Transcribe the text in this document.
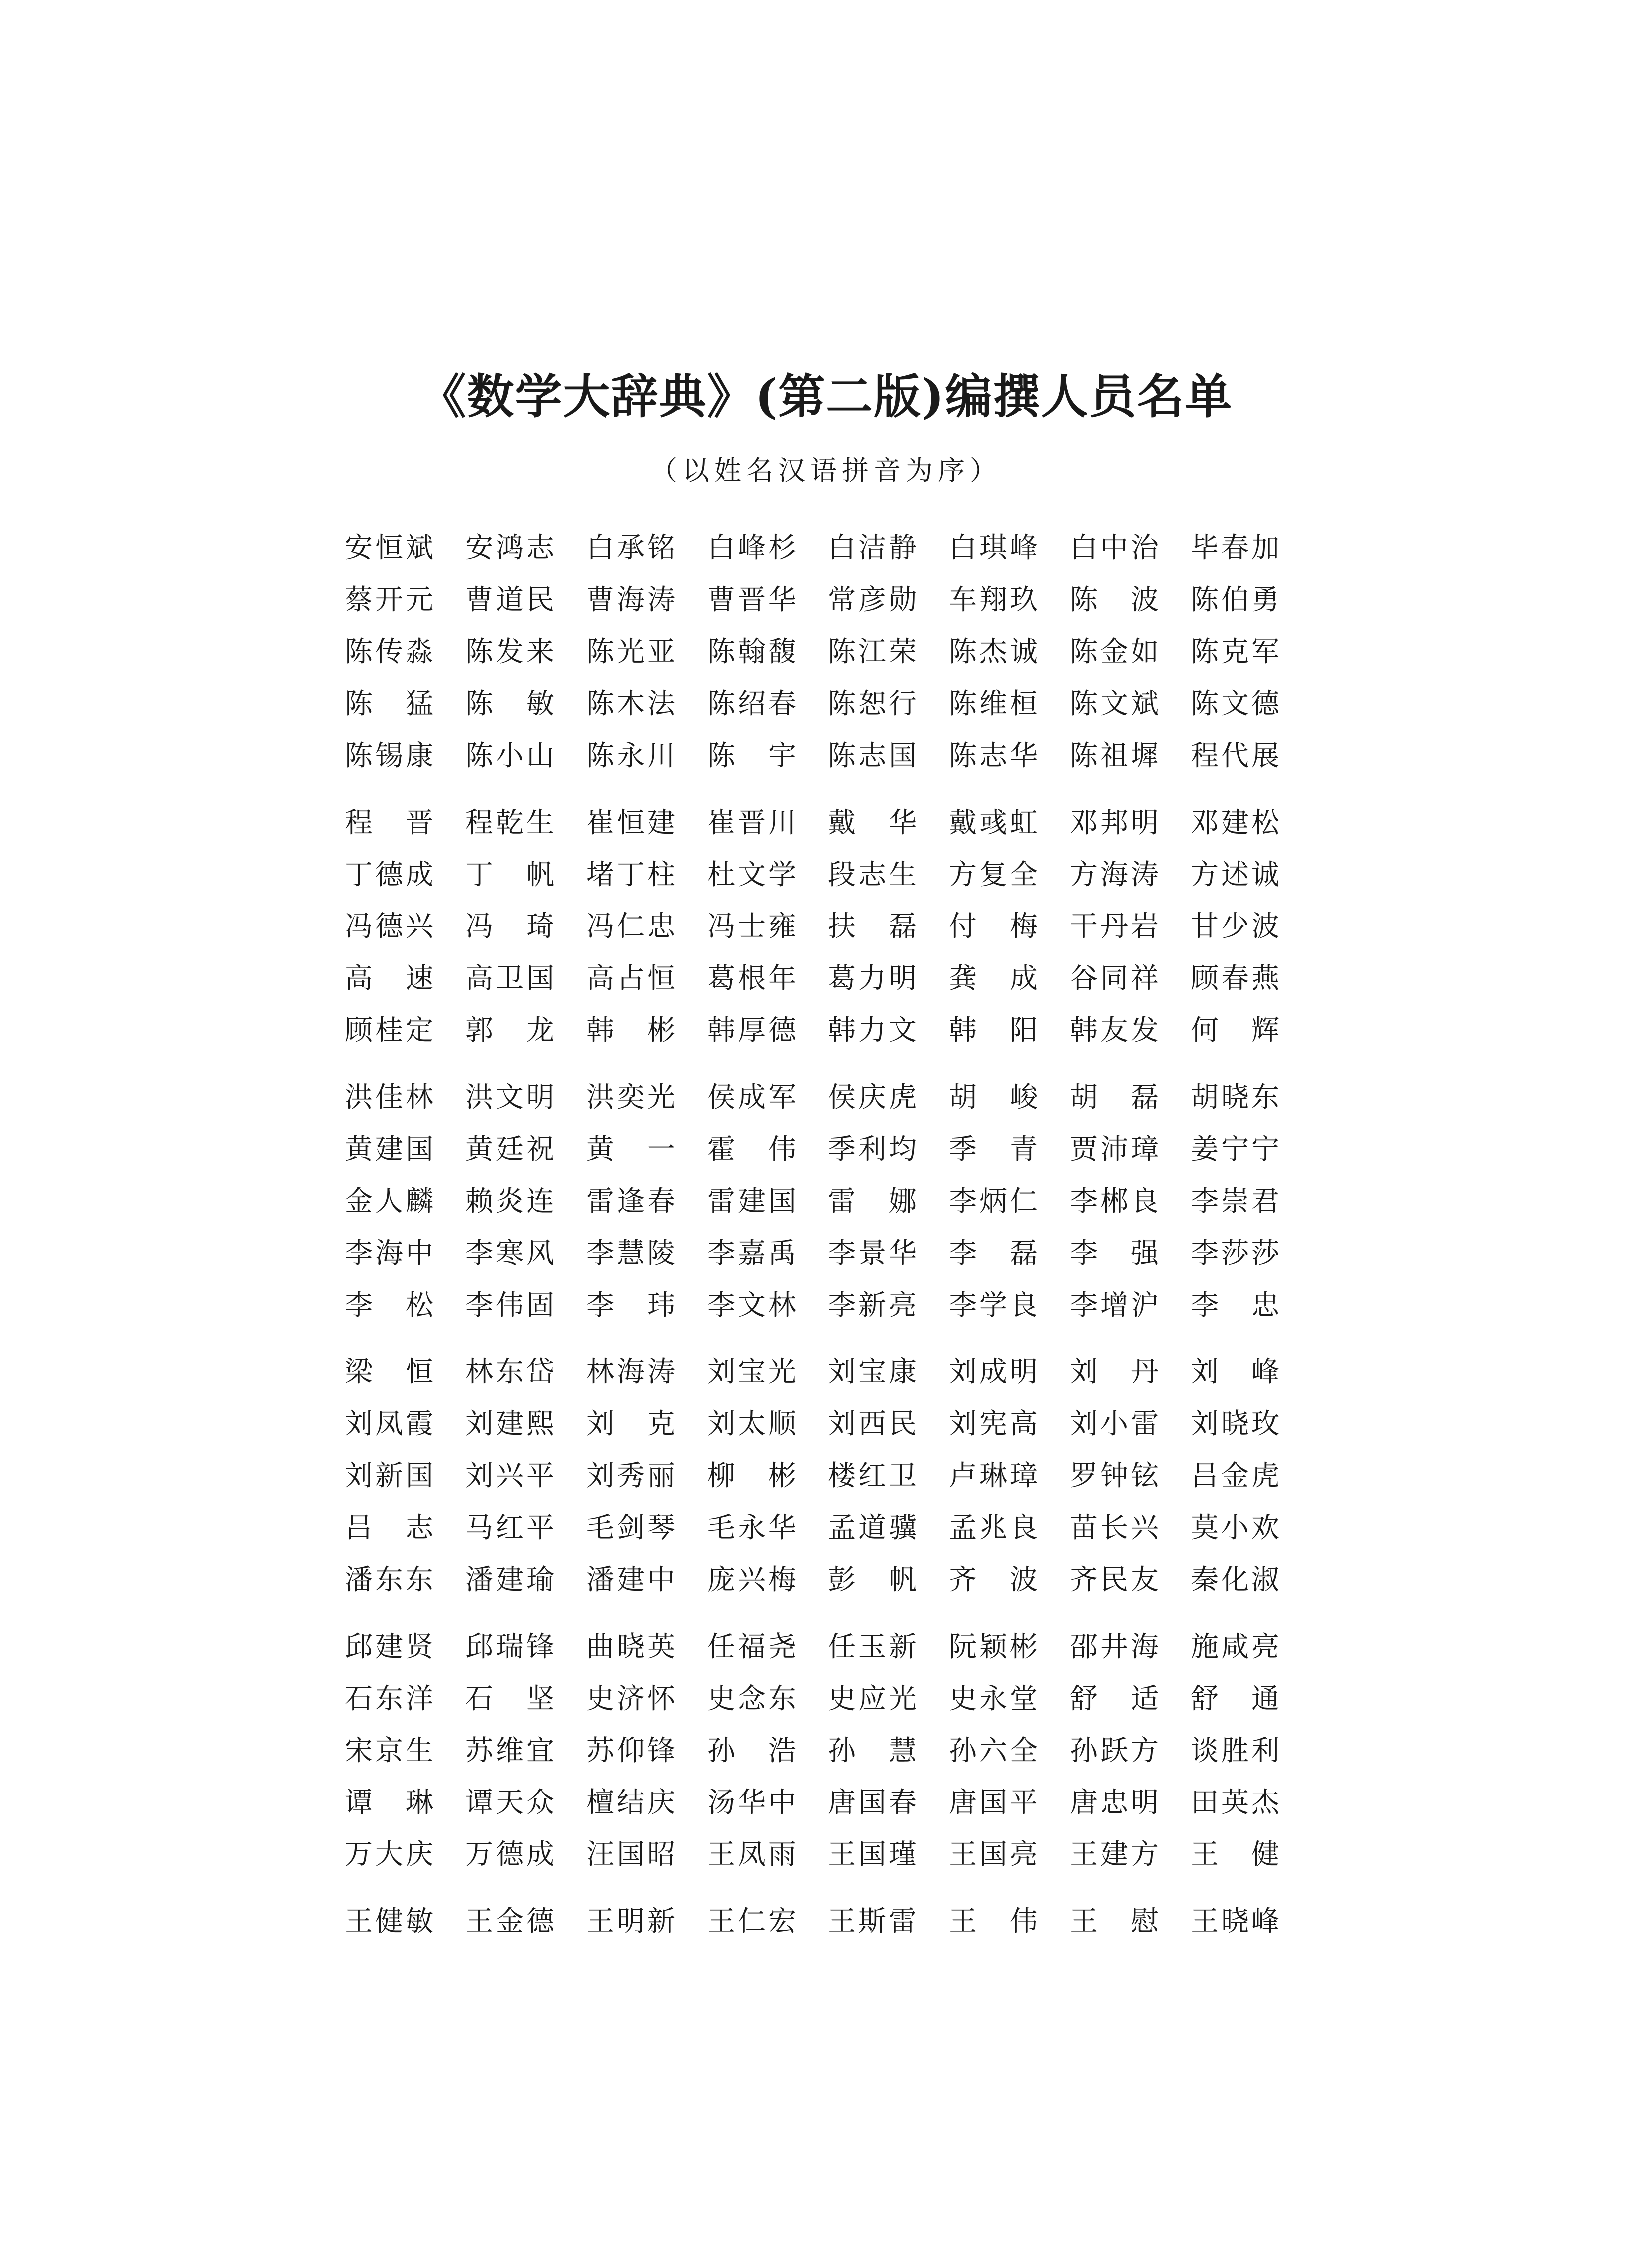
《数学大辞典》(第二版)编撰人员名单
（以姓名汉语拼音为序）
安 恒 斌 安 鸿 志 白 承 铭 白 峰 杉 白 洁 静 白 琪 峰 白 中 治 毕 春 加
蔡 开 元 曹 道 民 曹 海 涛 曹 晋 华 常 彦 勋 车 翔 玖 陈 波 陈 伯 勇
陈 传 淼 陈 发 来 陈 光 亚 陈 翰 馥 陈 江 荣 陈 杰 诚 陈 金 如 陈 克 军
陈 猛 陈 敏 陈 木 法 陈 绍 春 陈 恕 行 陈 维 桓 陈 文 斌 陈 文 德
陈 锡 康 陈 小 山 陈 永 川 陈 宇 陈 志 国 陈 志 华 陈 祖 墀 程 代 展
程 晋 程 乾 生 崔 恒 建 崔 晋 川 戴 华 戴 彧 虹 邓 邦 明 邓 建 松
丁 德 成 丁 帆 堵 丁 柱 杜 文 学 段 志 生 方 复 全 方 海 涛 方 述 诚
冯 德 兴 冯 琦 冯 仁 忠 冯 士 雍 扶 磊 付 梅 干 丹 岩 甘 少 波
高 速 高 卫 国 高 占 恒 葛 根 年 葛 力 明 龚 成 谷 同 祥 顾 春 燕
顾 桂 定 郭 龙 韩 彬 韩 厚 德 韩 力 文 韩 阳 韩 友 发 何 辉
洪 佳 林 洪 文 明 洪 奕 光 侯 成 军 侯 庆 虎 胡 峻 胡 磊 胡 晓 东
黄 建 国 黄 廷 祝 黄 一 霍 伟 季 利 均 季 青 贾 沛 璋 姜 宁 宁
金 人 麟 赖 炎 连 雷 逢 春 雷 建 国 雷 娜 李 炳 仁 李 郴 良 李 崇 君
李 海 中 李 寒 风 李 慧 陵 李 嘉 禹 李 景 华 李 磊 李 强 李 莎 莎
李 松 李 伟 固 李 玮 李 文 林 李 新 亮 李 学 良 李 增 沪 李 忠
梁 恒 林 东 岱 林 海 涛 刘 宝 光 刘 宝 康 刘 成 明 刘 丹 刘 峰
刘 凤 霞 刘 建 熙 刘 克 刘 太 顺 刘 西 民 刘 宪 高 刘 小 雷 刘 晓 玫
刘 新 国 刘 兴 平 刘 秀 丽 柳 彬 楼 红 卫 卢 琳 璋 罗 钟 铉 吕 金 虎
吕 志 马 红 平 毛 剑 琴 毛 永 华 孟 道 骥 孟 兆 良 苗 长 兴 莫 小 欢
潘 东 东 潘 建 瑜 潘 建 中 庞 兴 梅 彭 帆 齐 波 齐 民 友 秦 化 淑
邱 建 贤 邱 瑞 锋 曲 晓 英 任 福 尧 任 玉 新 阮 颖 彬 邵 井 海 施 咸 亮
石 东 洋 石 坚 史 济 怀 史 念 东 史 应 光 史 永 堂 舒 适 舒 通
宋 京 生 苏 维 宜 苏 仰 锋 孙 浩 孙 慧 孙 六 全 孙 跃 方 谈 胜 利
谭 琳 谭 天 众 檀 结 庆 汤 华 中 唐 国 春 唐 国 平 唐 忠 明 田 英 杰
万 大 庆 万 德 成 汪 国 昭 王 凤 雨 王 国 瑾 王 国 亮 王 建 方 王 健
王 健 敏 王 金 德 王 明 新 王 仁 宏 王 斯 雷 王 伟 王 慰 王 晓 峰
